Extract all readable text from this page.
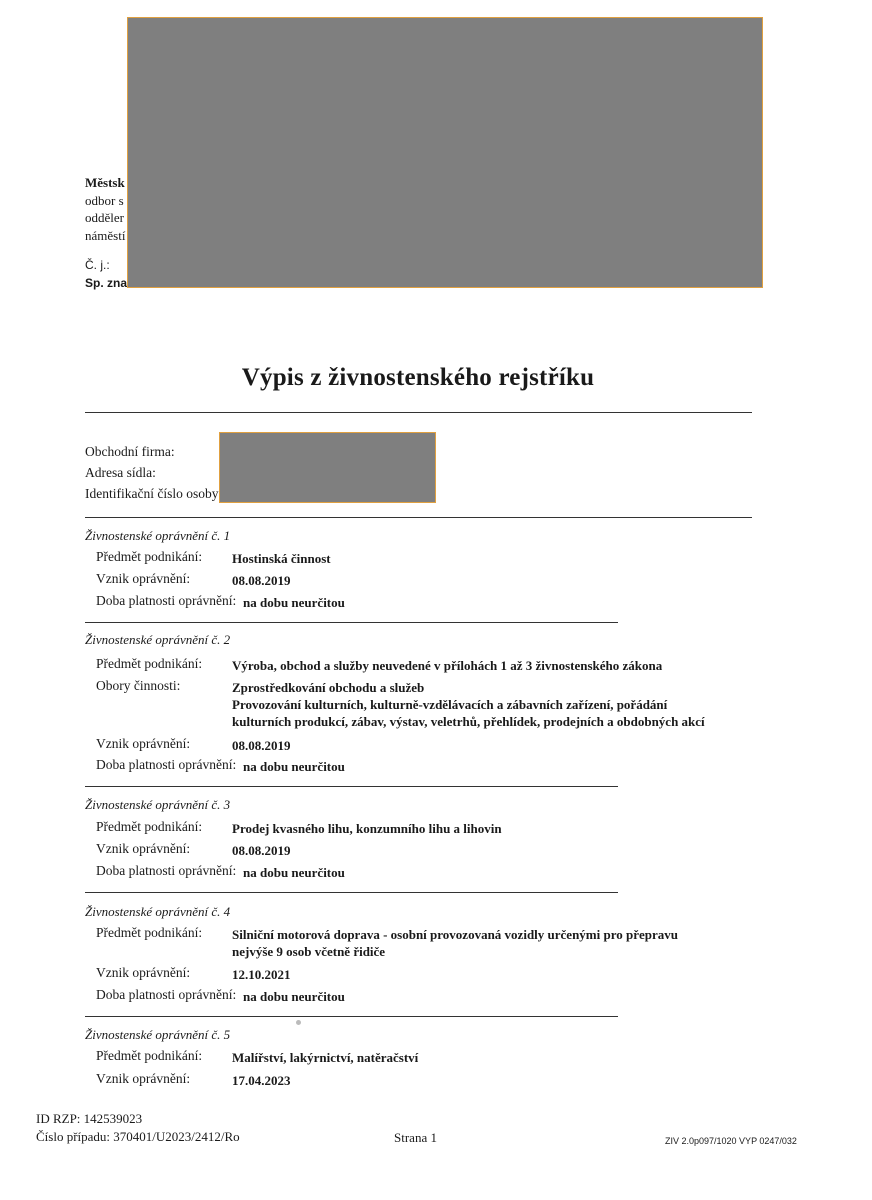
Městsk
odbor s
odděler
náměstí
Č. j.:
Sp. zna
Výpis z živnostenského rejstříku
Obchodní firma:
Adresa sídla:
Identifikační číslo osoby
Živnostenské oprávnění č. 1
Předmět podnikání: Hostinská činnost
Vznik oprávnění:	08.08.2019
Doba platnosti oprávnění: na dobu neurčitou
Živnostenské oprávnění č. 2
Předmět podnikání: Výroba, obchod a služby neuvedené v přílohách 1 až 3 živnostenského zákona
Obory činnosti:	Zprostředkování obchodu a služeb
Provozování kulturních, kulturně-vzdělávacích a zábavních zařízení, pořádání
kulturních produkcí, zábav, výstav, veletrhů, přehlídek, prodejních a obdobných akcí
Vznik oprávnění:	08.08.2019
Doba platnosti oprávnění: na dobu neurčitou
Živnostenské oprávnění č. 3
Předmět podnikání: Prodej kvasného lihu, konzumního lihu a lihovin
Vznik oprávnění:	08.08.2019
Doba platnosti oprávnění: na dobu neurčitou
Živnostenské oprávnění č. 4
Předmět podnikání: Silniční motorová doprava - osobní provozovaná vozidly určenými pro přepravu
nejvýše 9 osob včetně řidiče
Vznik oprávnění:	12.10.2021
Doba platnosti oprávnění: na dobu neurčitou
Živnostenské oprávnění č. 5
Předmět podnikání: Malířství, lakýrnictví, natěračství
Vznik oprávnění:	17.04.2023
ID RZP: 142539023
Číslo případu: 370401/U2023/2412/Ro	Strana 1	ZIV 2.0p097/1020 VYP 0247/032
